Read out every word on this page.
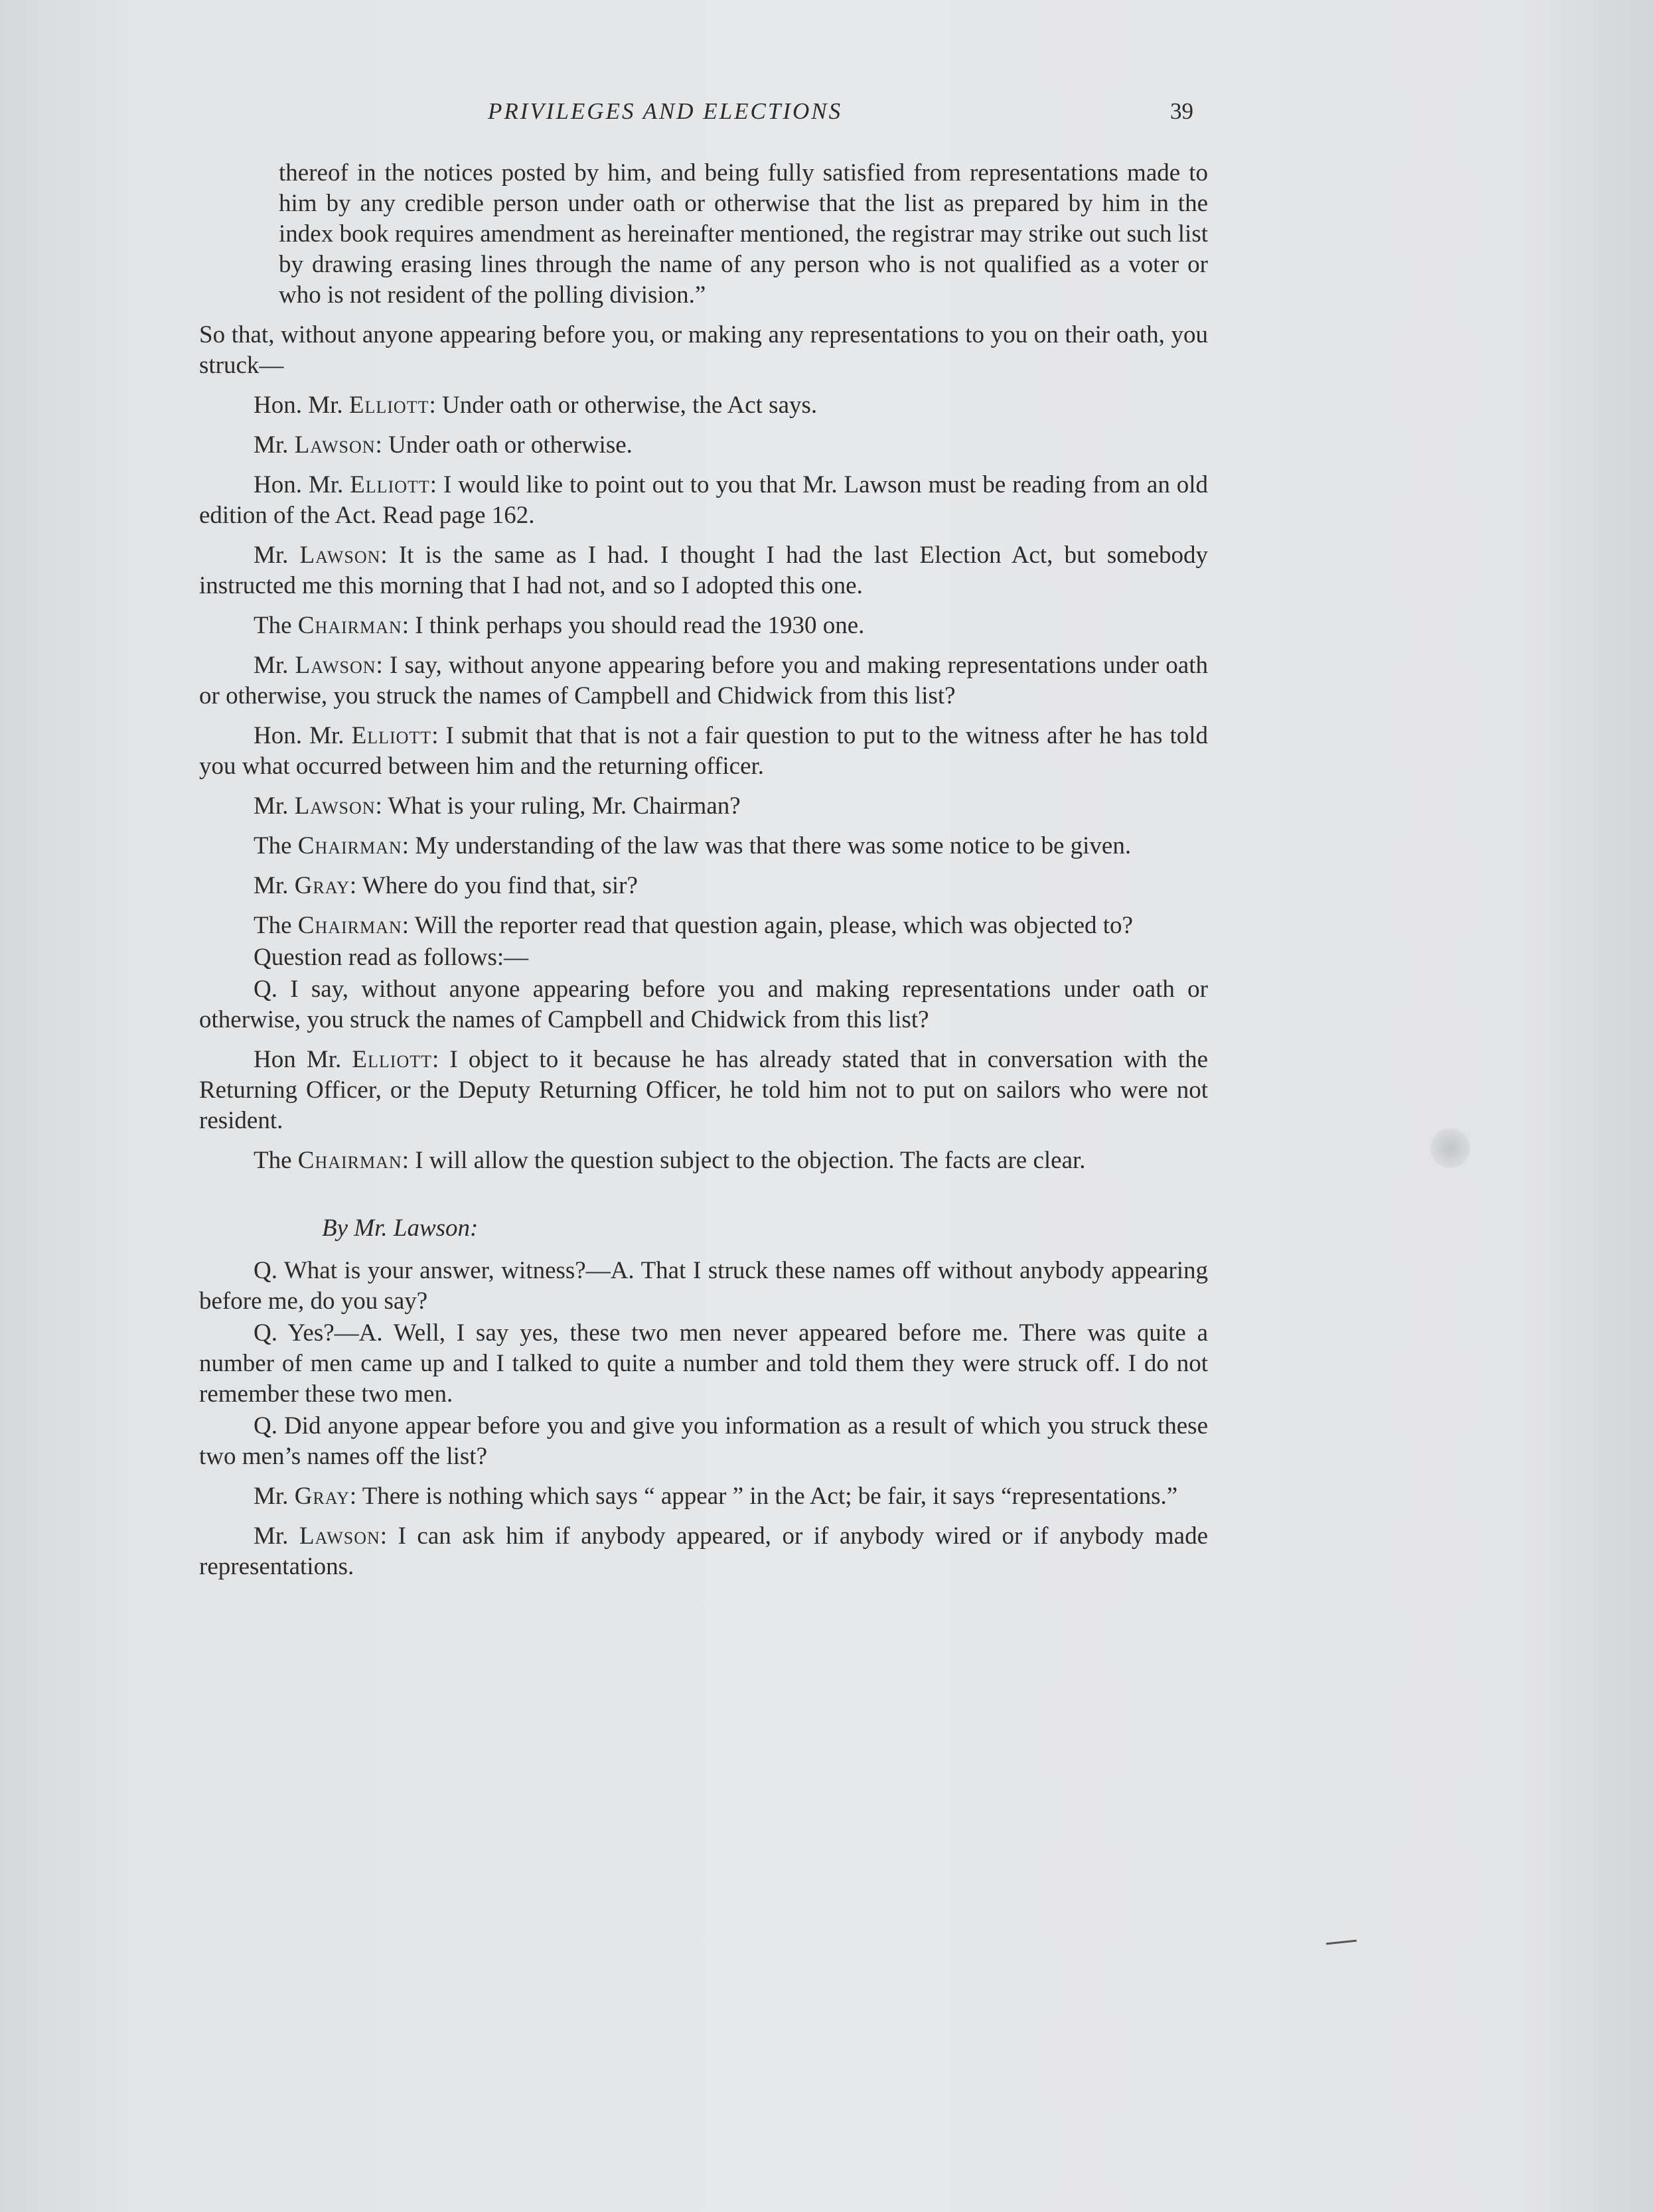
PRIVILEGES AND ELECTIONS	39

thereof in the notices posted by him, and being fully satisfied from representations made to him by any credible person under oath or otherwise that the list as prepared by him in the index book requires amendment as hereinafter mentioned, the registrar may strike out such list by drawing erasing lines through the name of any person who is not qualified as a voter or who is not resident of the polling division.”

So that, without anyone appearing before you, or making any representations to you on their oath, you struck—

Hon. Mr. Elliott: Under oath or otherwise, the Act says.

Mr. Lawson: Under oath or otherwise.

Hon. Mr. Elliott: I would like to point out to you that Mr. Lawson must be reading from an old edition of the Act. Read page 162.

Mr. Lawson: It is the same as I had. I thought I had the last Election Act, but somebody instructed me this morning that I had not, and so I adopted this one.

The Chairman: I think perhaps you should read the 1930 one.

Mr. Lawson: I say, without anyone appearing before you and making representations under oath or otherwise, you struck the names of Campbell and Chidwick from this list?

Hon. Mr. Elliott: I submit that that is not a fair question to put to the witness after he has told you what occurred between him and the returning officer.

Mr. Lawson: What is your ruling, Mr. Chairman?

The Chairman: My understanding of the law was that there was some notice to be given.

Mr. Gray: Where do you find that, sir?

The Chairman: Will the reporter read that question again, please, which was objected to?

Question read as follows:—

Q. I say, without anyone appearing before you and making representations under oath or otherwise, you struck the names of Campbell and Chidwick from this list?

Hon Mr. Elliott: I object to it because he has already stated that in conversation with the Returning Officer, or the Deputy Returning Officer, he told him not to put on sailors who were not resident.

The Chairman: I will allow the question subject to the objection. The facts are clear.

By Mr. Lawson:

Q. What is your answer, witness?—A. That I struck these names off without anybody appearing before me, do you say?

Q. Yes?—A. Well, I say yes, these two men never appeared before me. There was quite a number of men came up and I talked to quite a number and told them they were struck off. I do not remember these two men.

Q. Did anyone appear before you and give you information as a result of which you struck these two men’s names off the list?

Mr. Gray: There is nothing which says “ appear ” in the Act; be fair, it says “representations.”

Mr. Lawson: I can ask him if anybody appeared, or if anybody wired or if anybody made representations.
